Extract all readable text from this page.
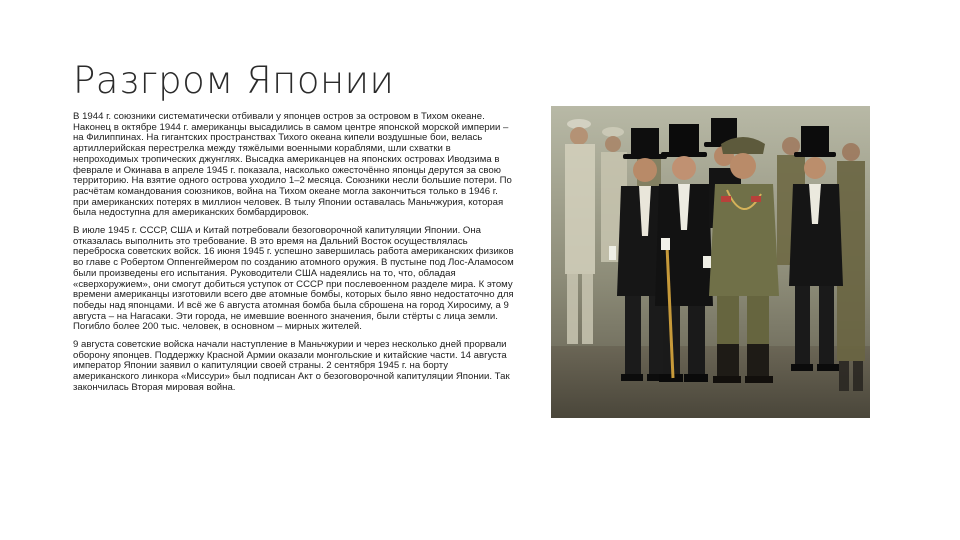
Разгром Японии

В 1944 г. союзники систематически отбивали у японцев остров за островом в Тихом океане. Наконец в октябре 1944 г. американцы высадились в самом центре японской морской империи – на Филиппинах. На гигантских пространствах Тихого океана кипели воздушные бои, велась артиллерийская перестрелка между тяжёлыми военными кораблями, шли схватки в непроходимых тропических джунглях. Высадка американцев на японских островах Иводзима в феврале и Окинава в апреле 1945 г. показала, насколько ожесточённо японцы дерутся за свою территорию. На взятие одного острова уходило 1–2 месяца. Союзники несли большие потери. По расчётам командования союзников, война на Тихом океане могла закончиться только в 1946 г. при американских потерях в миллион человек. В тылу Японии оставалась Маньчжурия, которая была недоступна для американских бомбардировок.

В июле 1945 г. СССР, США и Китай потребовали безоговорочной капитуляции Японии. Она отказалась выполнить это требование. В это время на Дальний Восток осуществлялась переброска советских войск. 16 июня 1945 г. успешно завершилась работа американских физиков во главе с Робертом Оппенгеймером по созданию атомного оружия. В пустыне под Лос-Аламосом были произведены его испытания. Руководители США надеялись на то, что, обладая «сверхоружием», они смогут добиться уступок от СССР при послевоенном разделе мира. К этому времени американцы изготовили всего две атомные бомбы, которых было явно недостаточно для победы над японцами. И всё же 6 августа атомная бомба была сброшена на город Хиросиму, а 9 августа – на Нагасаки. Эти города, не имевшие военного значения, были стёрты с лица земли. Погибло более 200 тыс. человек, в основном – мирных жителей.

9 августа советские войска начали наступление в Маньчжурии и через несколько дней прорвали оборону японцев. Поддержку Красной Армии оказали монгольские и китайские части. 14 августа император Японии заявил о капитуляции своей страны. 2 сентября 1945 г. на борту американского линкора «Миссури» был подписан Акт о безоговорочной капитуляции Японии. Так закончилась Вторая мировая война.
